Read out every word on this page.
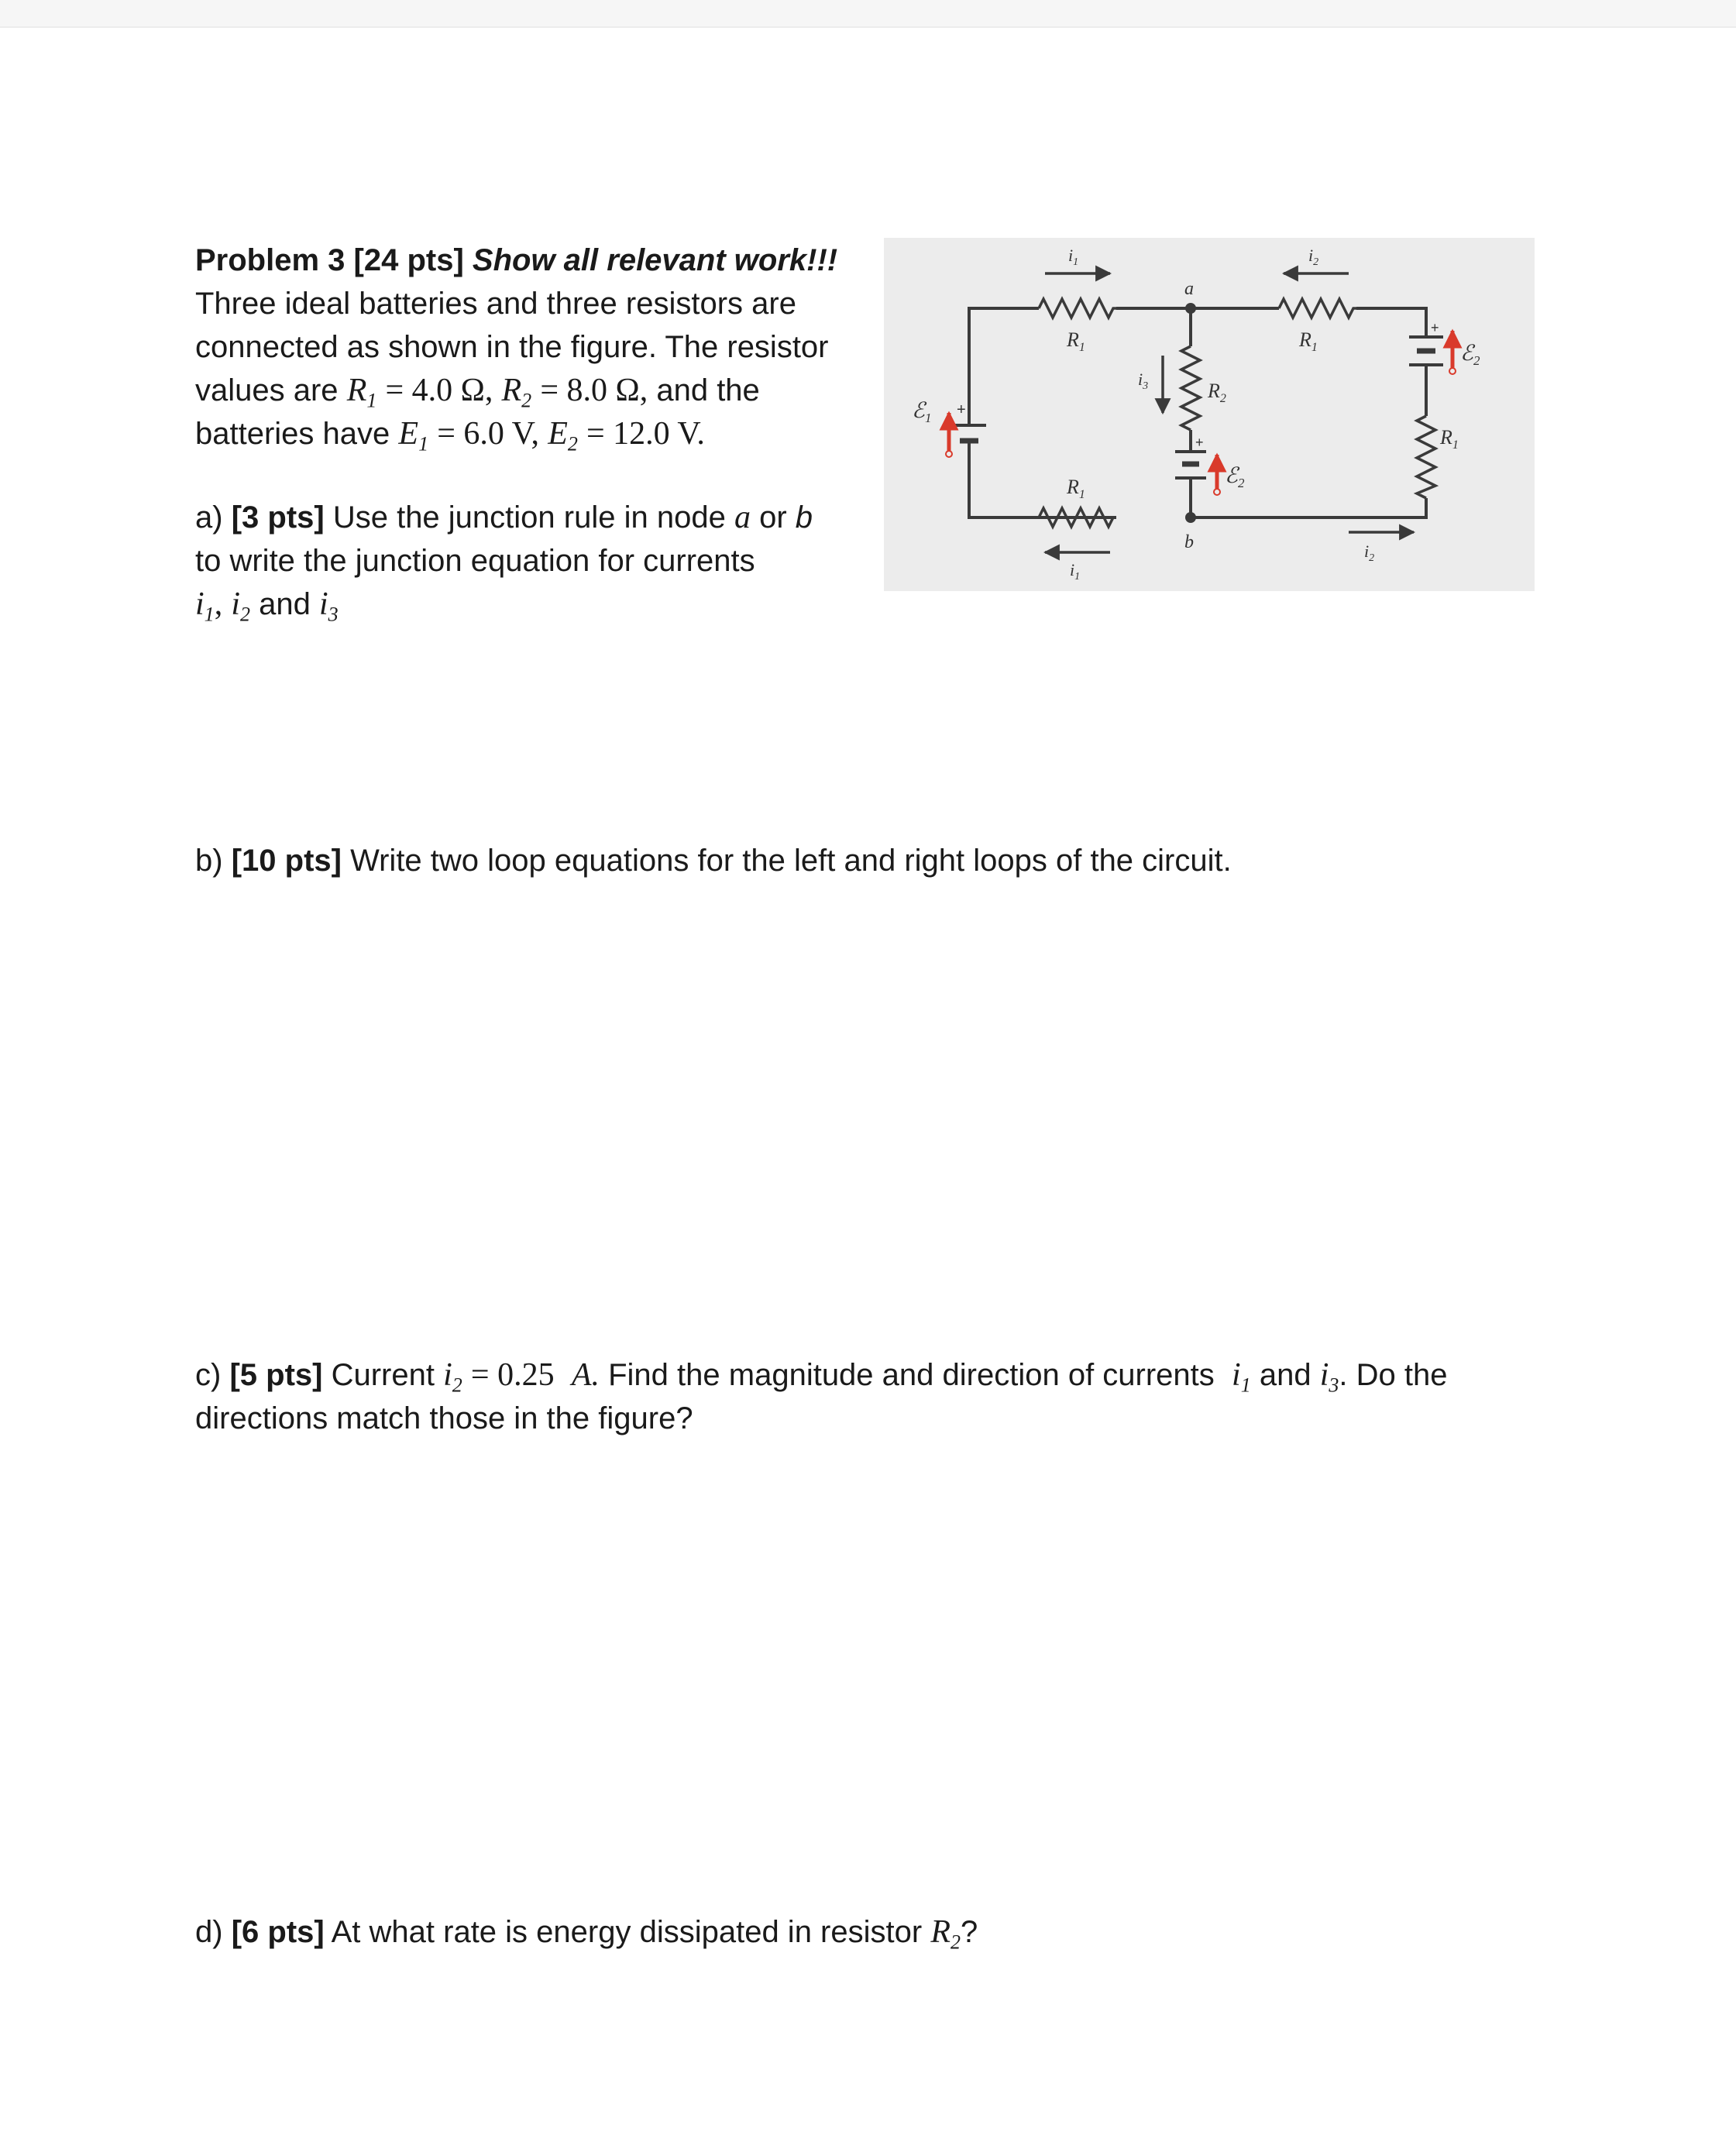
Problem 3 [24 pts] Show all relevant work!!!
Three ideal batteries and three resistors are
connected as shown in the figure. The resistor
values are $R_1 = 4.0$ Ω, $R_2 = 8.0$ Ω, and the
batteries have $E_1 = 6.0$ V, $E_2 = 12.0$ V.
a) [3 pts] Use the junction rule in node a or b
to write the junction equation for currents
$i_1$, $i_2$ and $i_3$
b) [10 pts] Write two loop equations for the left and right loops of the circuit.
c) [5 pts] Current $i_2 = 0.25$ A. Find the magnitude and direction of currents $i_1$ and $i_3$. Do the
directions match those in the figure?
d) [6 pts] At what rate is energy dissipated in resistor $R_2$?
+
ℰ$_1$
+
ℰ$_2$
+
ℰ$_2$
a
b
$R_1$	$R_1$
$R_1$
$R_2$
$R_1$
$i_1$	$i_2$
$i_3$
$i_1$
$i_2$
